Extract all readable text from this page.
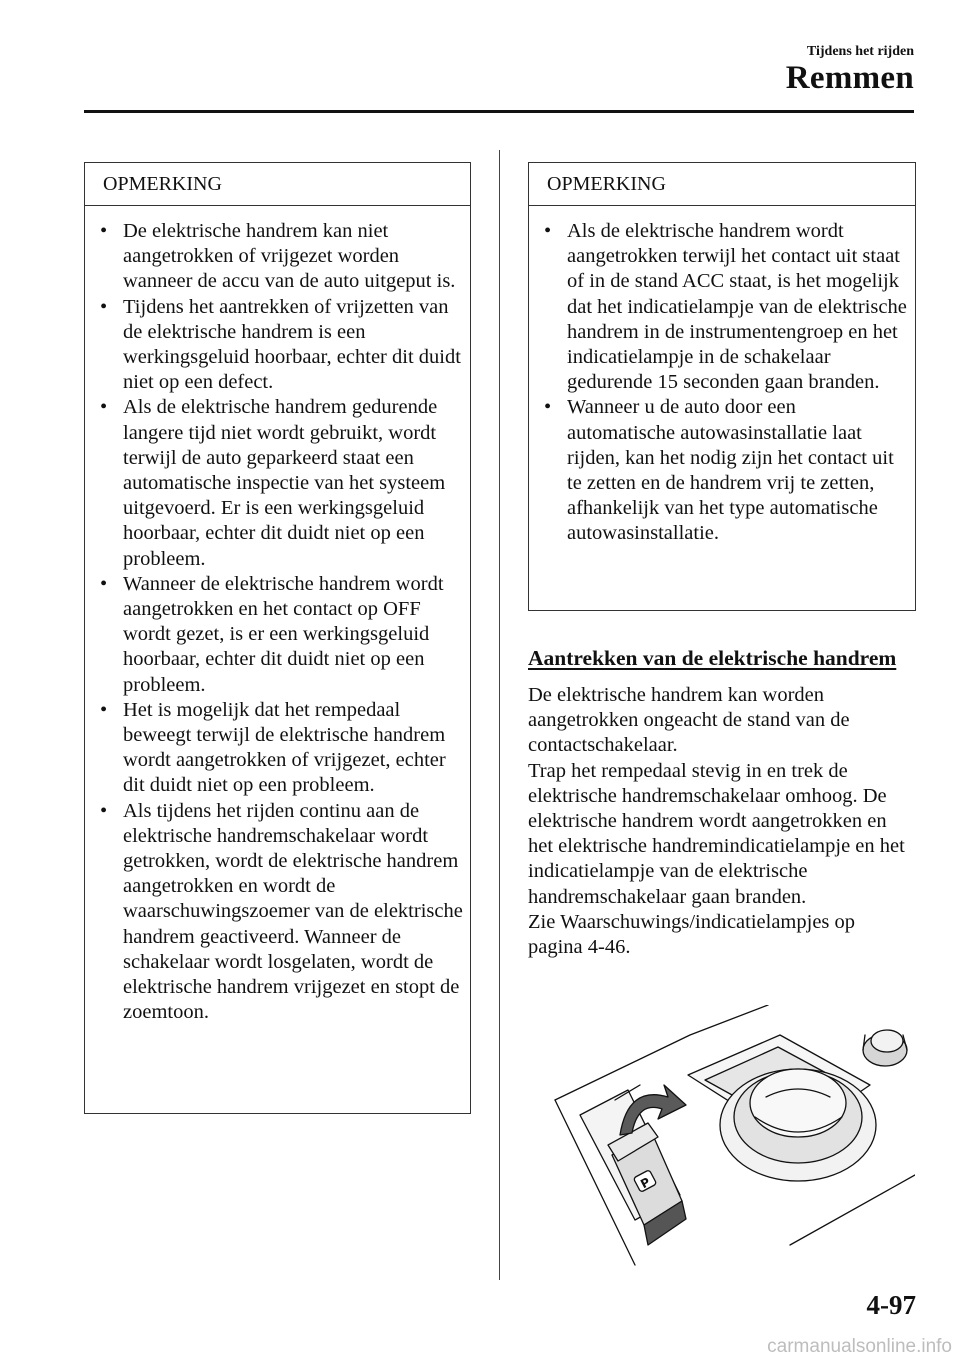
Tijdens het rijden
Remmen
OPMERKING
• De elektrische handrem kan niet aangetrokken of vrijgezet worden wanneer de accu van de auto uitgeput is.
• Tijdens het aantrekken of vrijzetten van de elektrische handrem is een werkingsgeluid hoorbaar, echter dit duidt niet op een defect.
• Als de elektrische handrem gedurende langere tijd niet wordt gebruikt, wordt terwijl de auto geparkeerd staat een automatische inspectie van het systeem uitgevoerd. Er is een werkingsgeluid hoorbaar, echter dit duidt niet op een probleem.
• Wanneer de elektrische handrem wordt aangetrokken en het contact op OFF wordt gezet, is er een werkingsgeluid hoorbaar, echter dit duidt niet op een probleem.
• Het is mogelijk dat het rempedaal beweegt terwijl de elektrische handrem wordt aangetrokken of vrijgezet, echter dit duidt niet op een probleem.
• Als tijdens het rijden continu aan de elektrische handremschakelaar wordt getrokken, wordt de elektrische handrem aangetrokken en wordt de waarschuwingszoemer van de elektrische handrem geactiveerd. Wanneer de schakelaar wordt losgelaten, wordt de elektrische handrem vrijgezet en stopt de zoemtoon.
OPMERKING
• Als de elektrische handrem wordt aangetrokken terwijl het contact uit staat of in de stand ACC staat, is het mogelijk dat het indicatielampje van de elektrische handrem in de instrumentengroep en het indicatielampje in de schakelaar gedurende 15 seconden gaan branden.
• Wanneer u de auto door een automatische autowasinstallatie laat rijden, kan het nodig zijn het contact uit te zetten en de handrem vrij te zetten, afhankelijk van het type automatische autowasinstallatie.
Aantrekken van de elektrische handrem

De elektrische handrem kan worden aangetrokken ongeacht de stand van de contactschakelaar.

Trap het rempedaal stevig in en trek de elektrische handremschakelaar omhoog. De elektrische handrem wordt aangetrokken en het elektrische handremindicatielampje en het indicatielampje van de elektrische handremschakelaar gaan branden.

Zie Waarschuwings/indicatielampjes op pagina 4-46.

P
4-97
carmanualsonline.info
